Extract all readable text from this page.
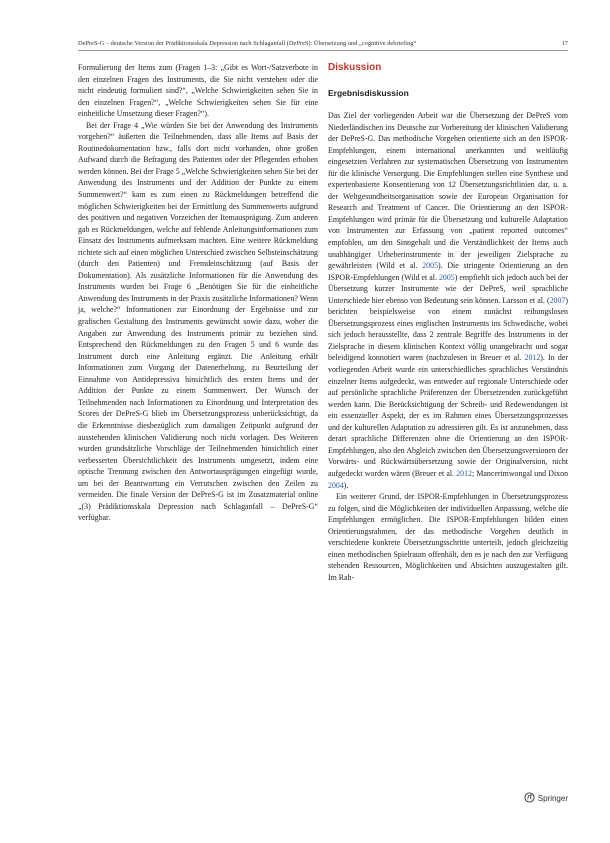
DePreS-G – deutsche Version der Prädiktionsskala Depression nach Schlaganfall (DePreS): Übersetzung und „cognitive debriefing“	17

Formulierung der Items zum (Fragen 1–3: „Gibt es Wort-/Satzverbote in den einzelnen Fragen des Instruments, die Sie nicht verstehen oder die nicht eindeutig formuliert sind?“, „Welche Schwierigkeiten sehen Sie in den einzelnen Fragen?“, „Welche Schwierigkeiten sehen Sie für eine einheitliche Umsetzung dieser Fragen?“).

Bei der Frage 4 „Wie würden Sie bei der Anwendung des Instruments vorgehen?“ äußerten die Teilnehmenden, dass alle Items auf Basis der Routinedokumentation bzw., falls dort nicht vorhanden, ohne großen Aufwand durch die Befragung des Patienten oder der Pflegenden erhoben werden können. Bei der Frage 5 „Welche Schwierigkeiten sehen Sie bei der Anwendung des Instruments und der Addition der Punkte zu einem Summenwert?“ kam es zum einen zu Rückmeldungen betreffend die möglichen Schwierigkeiten bei der Ermittlung des Summenwerts aufgrund des positiven und negativen Vorzeichen der Itemausprägung. Zum anderen gab es Rückmeldungen, welche auf fehlende Anleitungsinformationen zum Einsatz des Instruments aufmerksam machten. Eine weitere Rückmeldung richtete sich auf einen möglichen Unterschied zwischen Selbsteinschätzung (durch den Patienten) und Fremdeinschätzung (auf Basis der Dokumentation). Als zusätzliche Informationen für die Anwendung des Instruments wurden bei Frage 6 „Benötigen Sie für die einheitliche Anwendung des Instruments in der Praxis zusätzliche Informationen? Wenn ja, welche?“ Informationen zur Einordnung der Ergebnisse und zur grafischen Gestaltung des Instruments gewünscht sowie dazu, woher die Angaben zur Anwendung des Instruments primär zu beziehen sind. Entsprechend den Rückmeldungen zu den Fragen 5 und 6 wurde das Instrument durch eine Anleitung ergänzt. Die Anleitung erhält Informationen zum Vorgang der Datenerhebung, zu Beurteilung der Einnahme von Antidepressiva hinsichtlich des ersten Items und der Addition der Punkte zu einem Summenwert. Der Wunsch der Teilnehmenden nach Informationen zu Einordnung und Interpretation des Scores der DePreS-G blieb im Übersetzungsprozess unberücksichtigt, da die Erkenntnisse diesbezüglich zum damaligen Zeitpunkt aufgrund der ausstehenden klinischen Validierung noch nicht vorlagen. Des Weiteren wurden grundsätzliche Vorschläge der Teilnehmenden hinsichtlich einer verbesserten Übersichtlichkeit des Instruments umgesetzt, indem eine optische Trennung zwischen den Antwortausprägungen eingefügt wurde, um bei der Beantwortung ein Verrutschen zwischen den Zeilen zu vermeiden. Die finale Version der DePreS-G ist im Zusatzmaterial online „(3) Prädiktionsskala Depression nach Schlaganfall – DePreS-G“ verfügbar.

Diskussion
Ergebnisdiskussion

Das Ziel der vorliegenden Arbeit war die Übersetzung der DePreS vom Niederländischen ins Deutsche zur Vorbereitung der klinischen Validierung der DePreS-G. Das methodische Vorgehen orientierte sich an den ISPOR-Empfehlungen, einem international anerkannten und weitläufig eingesetzten Verfahren zur systematischen Übersetzung von Instrumenten für die klinische Versorgung. Die Empfehlungen stellen eine Synthese und expertenbasierte Konsentierung von 12 Übersetzungsrichtlinien dar, u. a. der Weltgesundheitsorganisation sowie der European Organisation for Research and Treatment of Cancer. Die Orientierung an den ISPOR-Empfehlungen wird primär für die Übersetzung und kulturelle Adaptation von Instrumenten zur Erfassung von „patient reported outcomes“ empfohlen, um den Sinngehalt und die Verständlichkeit der Items auch unabhängiger Urheberinstrumente in der jeweiligen Zielsprache zu gewährleisten (Wild et al. 2005). Die stringente Orientierung an den ISPOR-Empfehlungen (Wild et al. 2005) empfiehlt sich jedoch auch bei der Übersetzung kurzer Instrumente wie der DePreS, weil sprachliche Unterschiede hier ebenso von Bedeutung sein können. Larsson et al. (2007) berichten beispielsweise von einem zunächst reibungslosen Übersetzungsprozess eines englischen Instruments ins Schwedische, wobei sich jedoch herausstellte, dass 2 zentrale Begriffe des Instruments in der Zielsprache in diesem klinischen Kontext völlig unangebracht und sogar beleidigend konnotiert waren (nachzulesen in Breuer et al. 2012). In der vorliegenden Arbeit wurde ein unterschiedliches sprachliches Verständnis einzelner Items aufgedeckt, was entweder auf regionale Unterschiede oder auf persönliche sprachliche Präferenzen der Übersetzenden zurückgeführt werden kann. Die Berücksichtigung der Schreib- und Redewendungen ist ein essenzieller Aspekt, der es im Rahmen eines Übersetzungsprozesses und der kulturellen Adaptation zu adressieren gilt. Es ist anzunehmen, dass derart sprachliche Differenzen ohne die Orientierung an den ISPOR-Empfehlungen, also den Abgleich zwischen den Übersetzungsversionen der Vorwärts- und Rückwärtsübersetzung sowie der Originalversion, nicht aufgedeckt worden wären (Breuer et al. 2012; Mancerimwongal und Dixon 2004).

Ein weiterer Grund, der ISPOR-Empfehlungen in Übersetzungsprozess zu folgen, sind die Möglichkeiten der individuellen Anpassung, welche die Empfehlungen ermöglichen. Die ISPOR-Empfehlungen bilden einen Orientierungsrahmen, der das methodische Vorgehen deutlich in verschiedene konkrete Übersetzungsschritte unterteilt, jedoch gleichzeitig einen methodischen Spielraum offenhält, den es je nach den zur Verfügung stehenden Ressourcen, Möglichkeiten und Absichten auszugestalten gilt. Im Rah-

Springer
